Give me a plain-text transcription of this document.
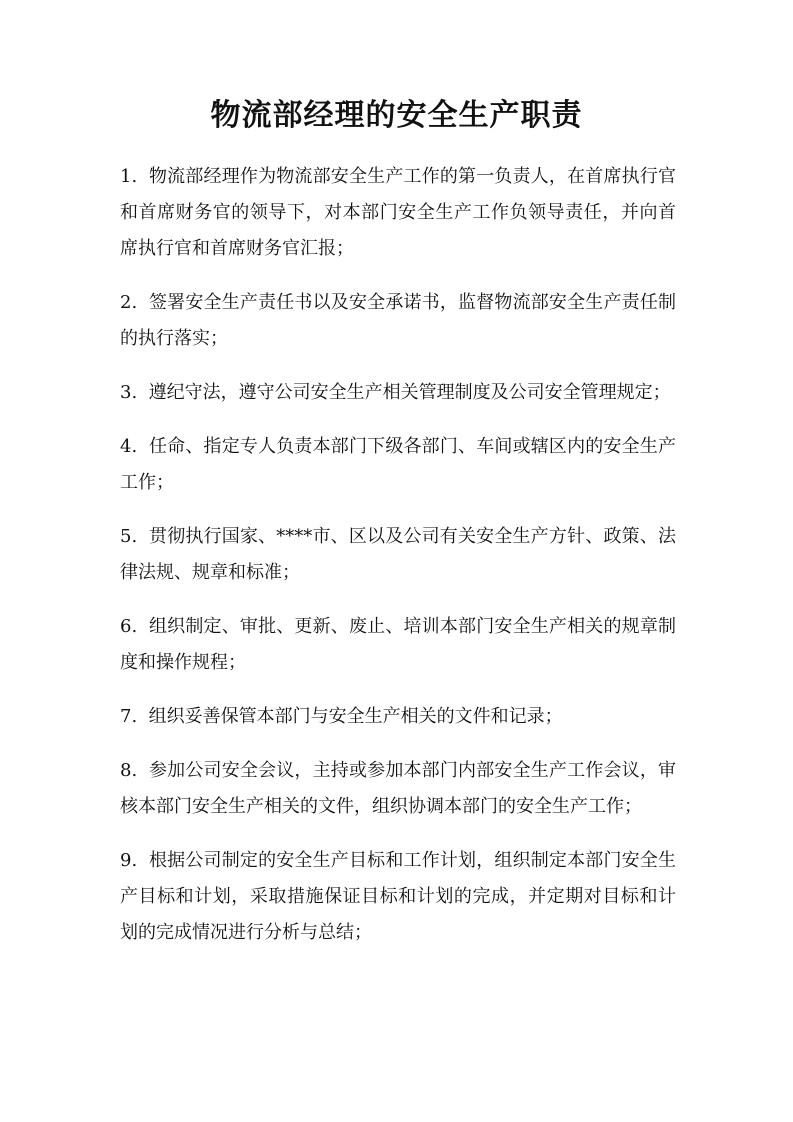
物流部经理的安全生产职责
1. 物流部经理作为物流部安全生产工作的第一负责人，在首席执行官和首席财务官的领导下，对本部门安全生产工作负领导责任，并向首席执行官和首席财务官汇报；
2. 签署安全生产责任书以及安全承诺书，监督物流部安全生产责任制的执行落实；
3. 遵纪守法，遵守公司安全生产相关管理制度及公司安全管理规定；
4. 任命、指定专人负责本部门下级各部门、车间或辖区内的安全生产工作；
5. 贯彻执行国家、****市、区以及公司有关安全生产方针、政策、法律法规、规章和标准；
6. 组织制定、审批、更新、废止、培训本部门安全生产相关的规章制度和操作规程；
7. 组织妥善保管本部门与安全生产相关的文件和记录；
8. 参加公司安全会议，主持或参加本部门内部安全生产工作会议，审核本部门安全生产相关的文件，组织协调本部门的安全生产工作；
9. 根据公司制定的安全生产目标和工作计划，组织制定本部门安全生产目标和计划，采取措施保证目标和计划的完成，并定期对目标和计划的完成情况进行分析与总结；
